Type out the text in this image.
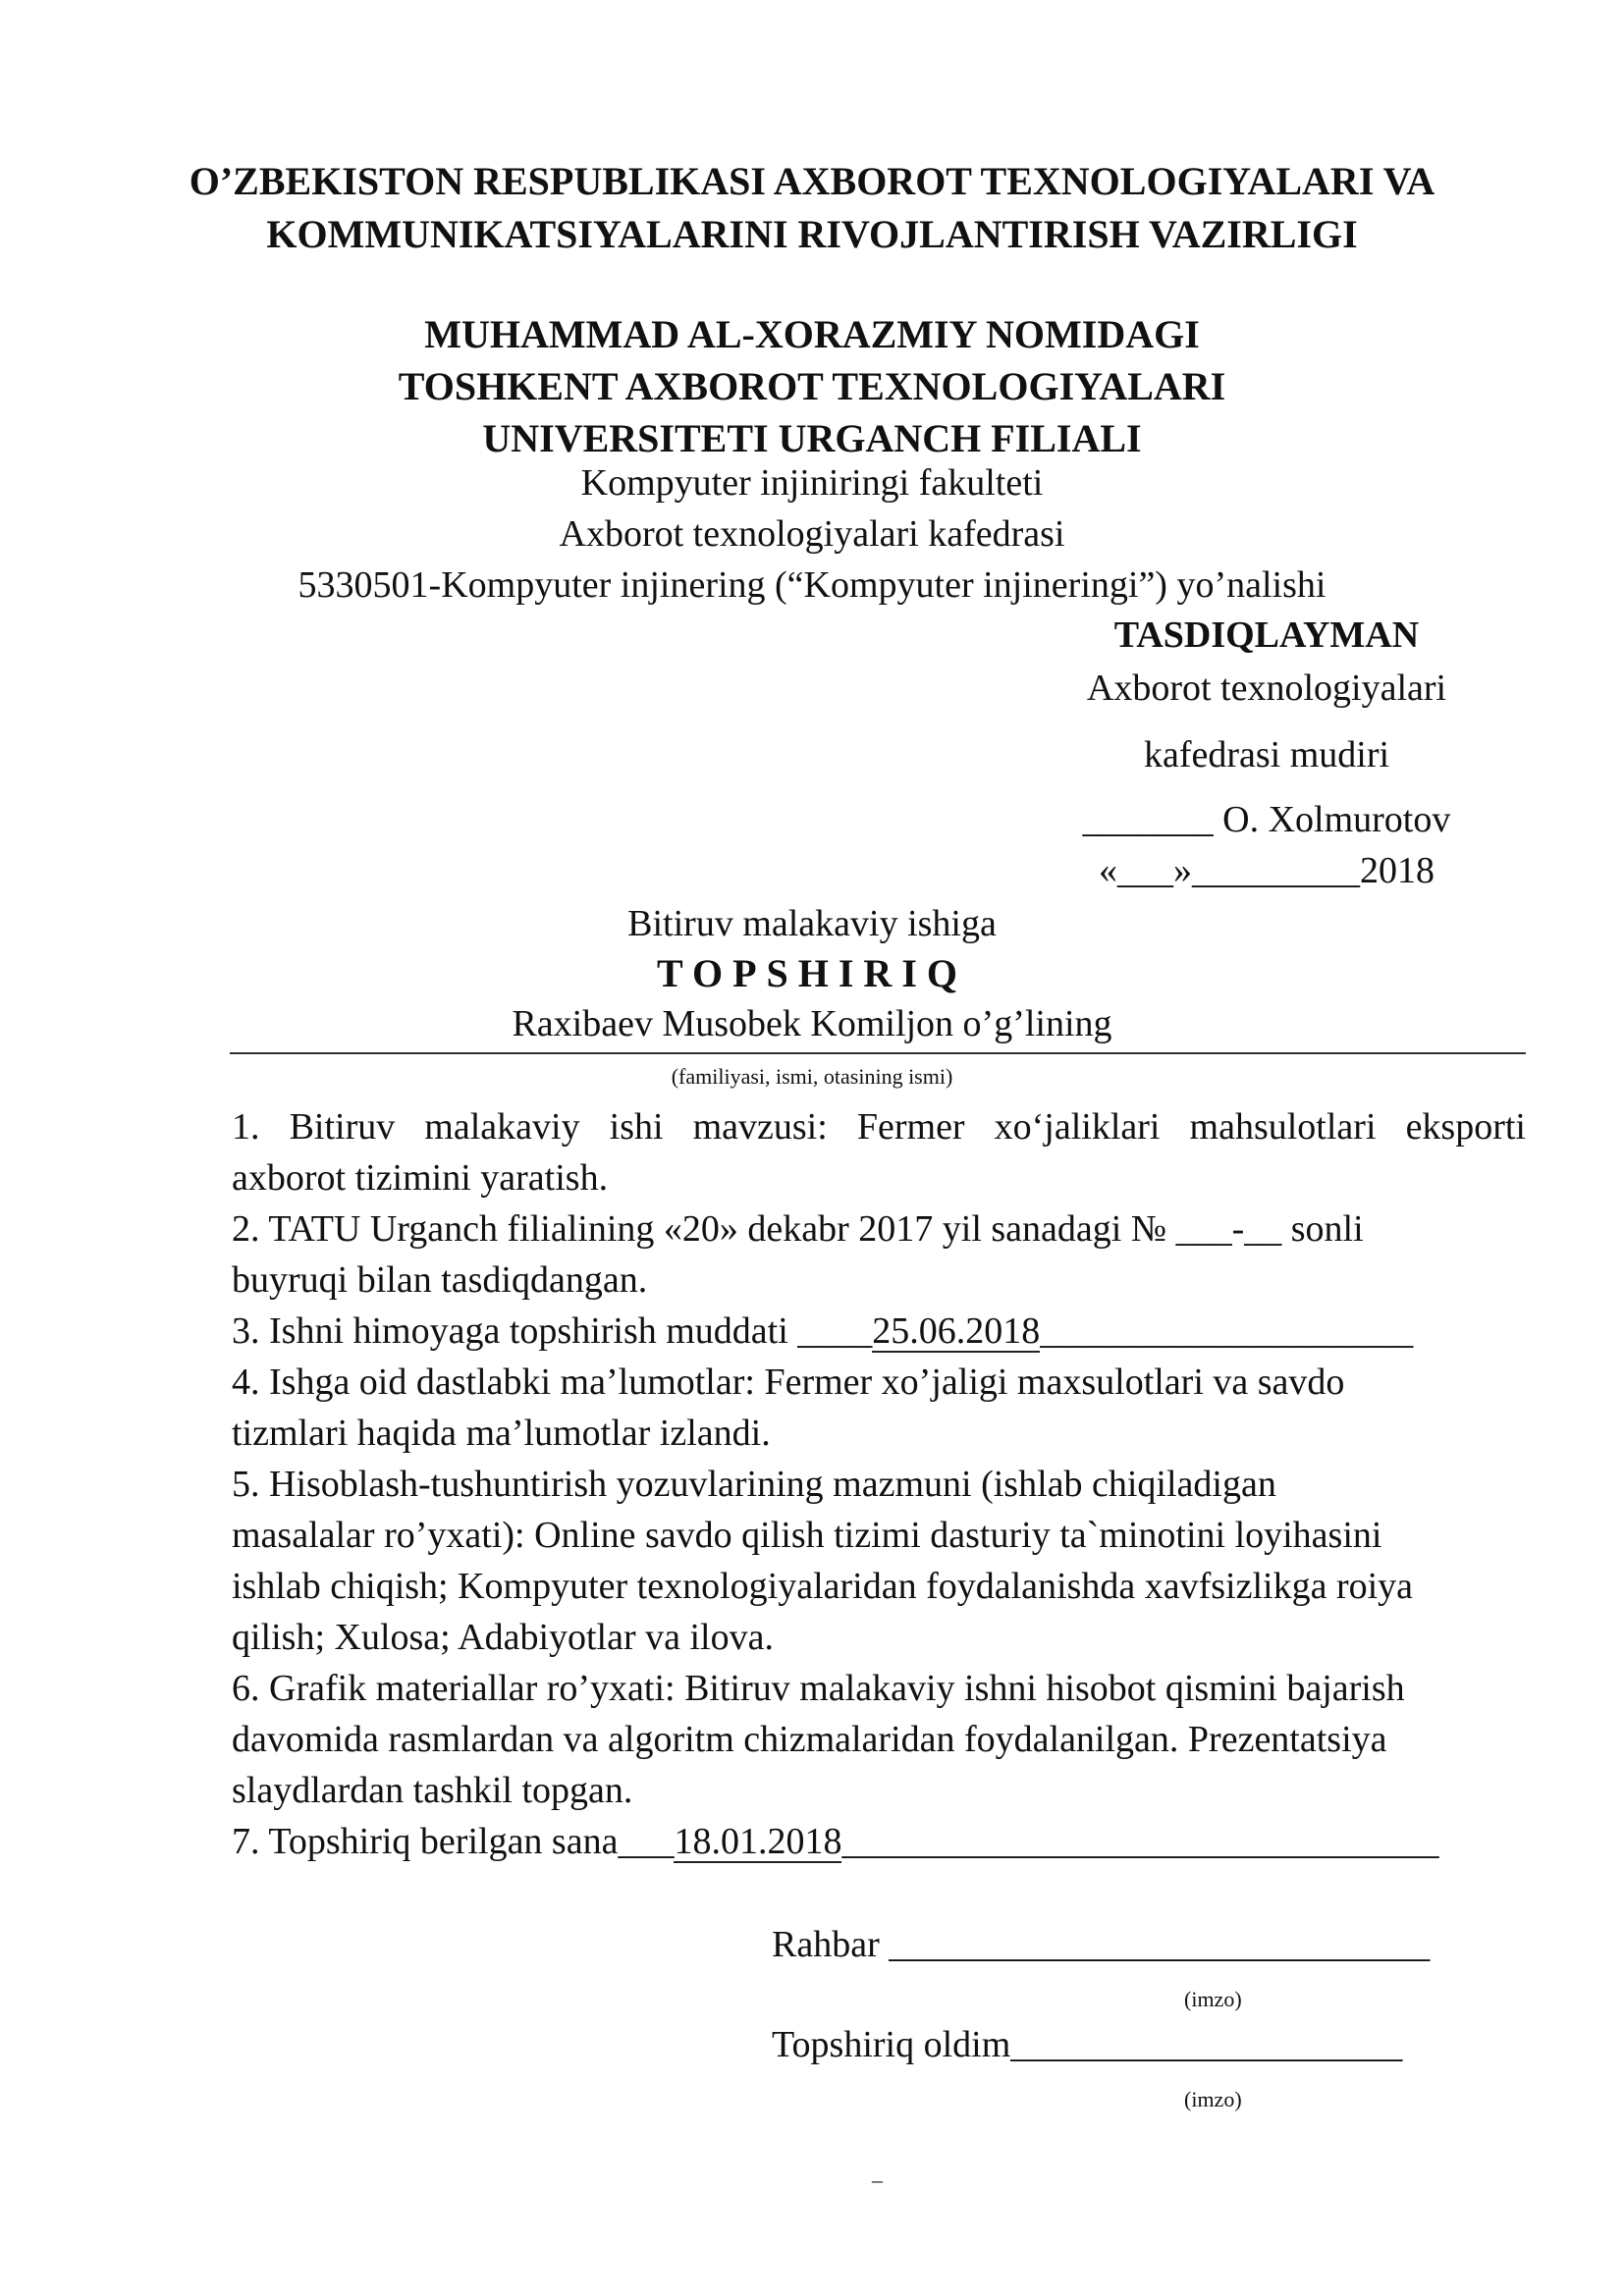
O’ZBEKISTON RESPUBLIKASI AXBOROT TEXNOLOGIYALARI VA
KOMMUNIKATSIYALARINI RIVOJLANTIRISH VAZIRLIGI
MUHAMMAD AL-XORAZMIY NOMIDAGI
TOSHKENT AXBOROT TEXNOLOGIYALARI
UNIVERSITETI URGANCH FILIALI
Kompyuter injiniringi fakulteti
Axborot texnologiyalari kafedrasi
5330501-Kompyuter injinering (“Kompyuter injineringi”) yo’nalishi
TASDIQLAYMAN
Axborot texnologiyalari
kafedrasi mudiri
_______ O. Xolmurotov
«___»_________2018
Bitiruv malakaviy ishiga
TOPSHIRIQ
Raxibaev Musobek Komiljon o’g’lining
(familiyasi, ismi, otasining ismi)
1. Bitiruv malakaviy ishi mavzusi: Fermer xo‘jaliklari mahsulotlari eksporti
axborot tizimini yaratish.
2. TATU Urganch filialining «20» dekabr 2017 yil sanadagi № ___-__ sonli
buyruqi bilan tasdiqdangan.
3. Ishni himoyaga topshirish muddati ____25.06.2018____________________
4. Ishga oid dastlabki ma’lumotlar: Fermer xo’jaligi maxsulotlari va savdo
tizmlari haqida ma’lumotlar izlandi.
5. Hisoblash-tushuntirish yozuvlarining mazmuni (ishlab chiqiladigan
masalalar ro’yxati): Online savdo qilish tizimi dasturiy ta`minotini loyihasini
ishlab chiqish; Kompyuter texnologiyalaridan foydalanishda xavfsizlikga roiya
qilish; Xulosa; Adabiyotlar va ilova.
6. Grafik materiallar ro’yxati: Bitiruv malakaviy ishni hisobot qismini bajarish
davomida rasmlardan va algoritm chizmalaridan foydalanilgan. Prezentatsiya
slaydlardan tashkil topgan.
7. Topshiriq berilgan sana___18.01.2018________________________________
Rahbar _____________________________
(imzo)
Topshiriq oldim_____________________
(imzo)
–
